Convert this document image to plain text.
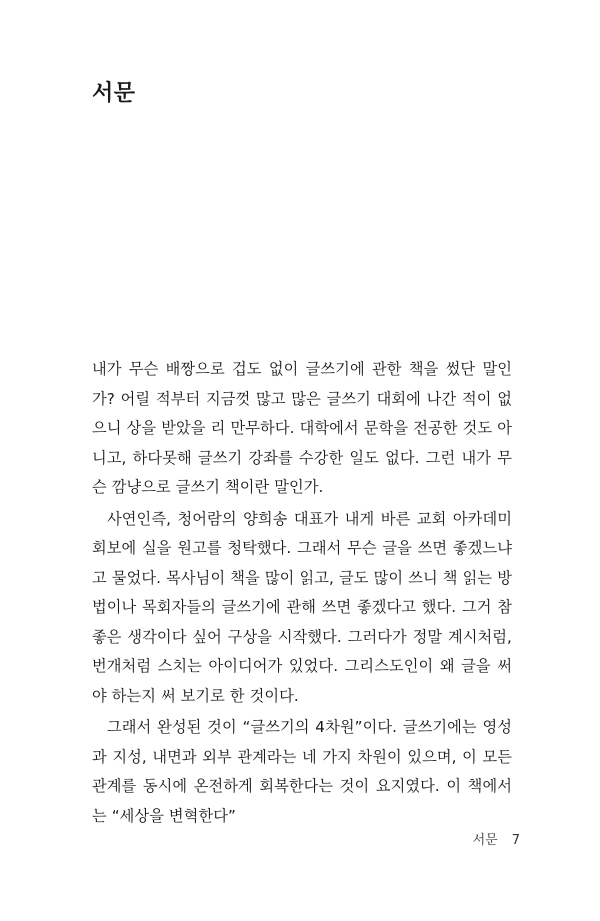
서문

내가 무슨 배짱으로 겁도 없이 글쓰기에 관한 책을 썼단 말인가? 어릴 적부터 지금껏 많고 많은 글쓰기 대회에 나간 적이 없으니 상을 받았을 리 만무하다. 대학에서 문학을 전공한 것도 아니고, 하다못해 글쓰기 강좌를 수강한 일도 없다. 그런 내가 무슨 깜냥으로 글쓰기 책이란 말인가.

사연인즉, 청어람의 양희송 대표가 내게 바른 교회 아카데미 회보에 실을 원고를 청탁했다. 그래서 무슨 글을 쓰면 좋겠느냐고 물었다. 목사님이 책을 많이 읽고, 글도 많이 쓰니 책 읽는 방법이나 목회자들의 글쓰기에 관해 쓰면 좋겠다고 했다. 그거 참 좋은 생각이다 싶어 구상을 시작했다. 그러다가 정말 계시처럼, 번개처럼 스치는 아이디어가 있었다. 그리스도인이 왜 글을 써야 하는지 써 보기로 한 것이다.

그래서 완성된 것이 “글쓰기의 4차원”이다. 글쓰기에는 영성과 지성, 내면과 외부 관계라는 네 가지 차원이 있으며, 이 모든 관계를 동시에 온전하게 회복한다는 것이 요지였다. 이 책에서는 “세상을 변혁한다”

서문 7
